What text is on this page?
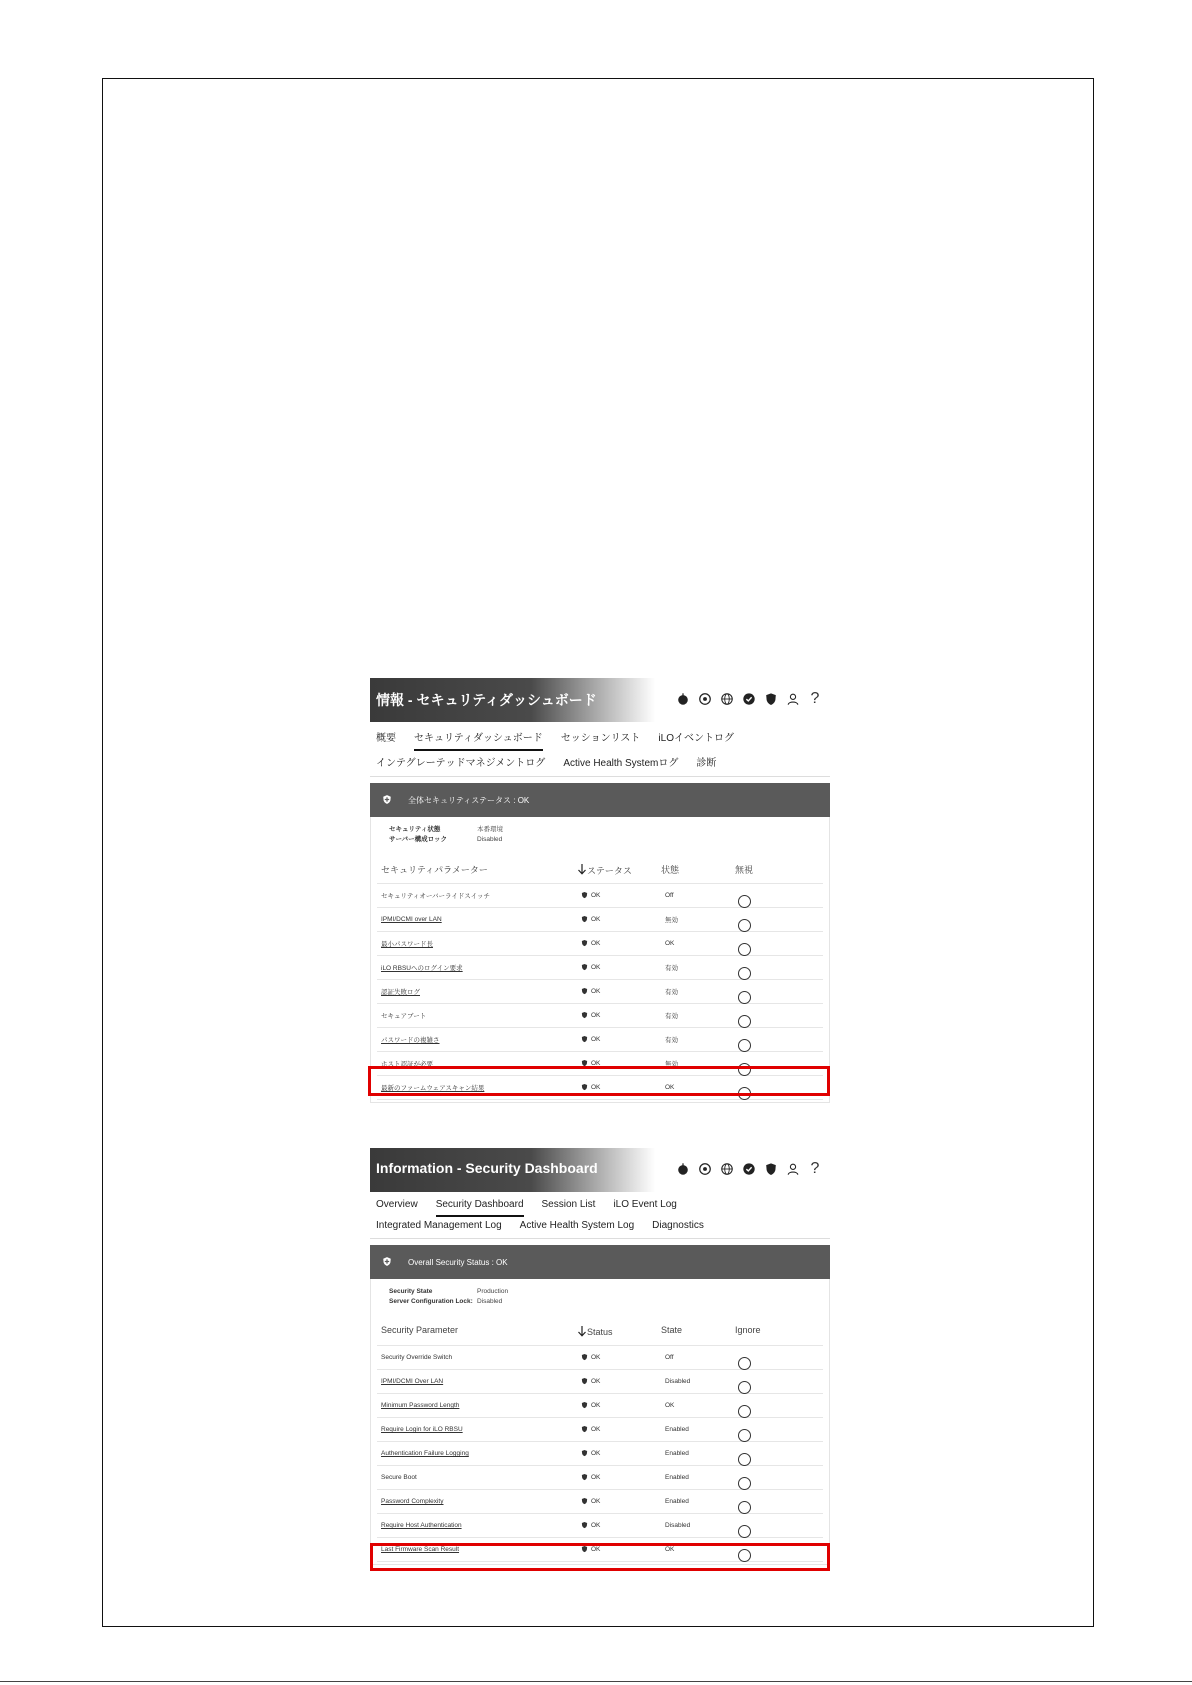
情報 - セキュリティダッシュボード	?
概要 セキュリティダッシュボード セッションリスト iLOイベントログ
インテグレーテッドマネジメントログ Active Health Systemログ 診断
全体セキュリティステータス : OK
セキュリティ状態	本番環境
サーバー構成ロック	Disabled
セキュリティパラメーター	ステータス	状態	無視
セキュリティオーバーライドスイッチ	OK	Off
IPMI/DCMI over LAN	OK	無効
最小パスワード長	OK	OK
iLO RBSUへのログイン要求	OK	有効
認証失敗ログ	OK	有効
セキュアブート	OK	有効
パスワードの複雑さ	OK	有効
ホスト認証が必要	OK	無効
最新のファームウェアスキャン結果	OK	OK
Information - Security Dashboard	?
Overview Security Dashboard Session List iLO Event Log
Integrated Management Log Active Health System Log Diagnostics
Overall Security Status : OK
Security State	Production
Server Configuration Lock: Disabled
Security Parameter	Status	State	Ignore
Security Override Switch	OK	Off
IPMI/DCMI Over LAN	OK	Disabled
Minimum Password Length	OK	OK
Require Login for iLO RBSU	OK	Enabled
Authentication Failure Logging	OK	Enabled
Secure Boot	OK	Enabled
Password Complexity	OK	Enabled
Require Host Authentication	OK	Disabled
Last Firmware Scan Result	OK	OK
